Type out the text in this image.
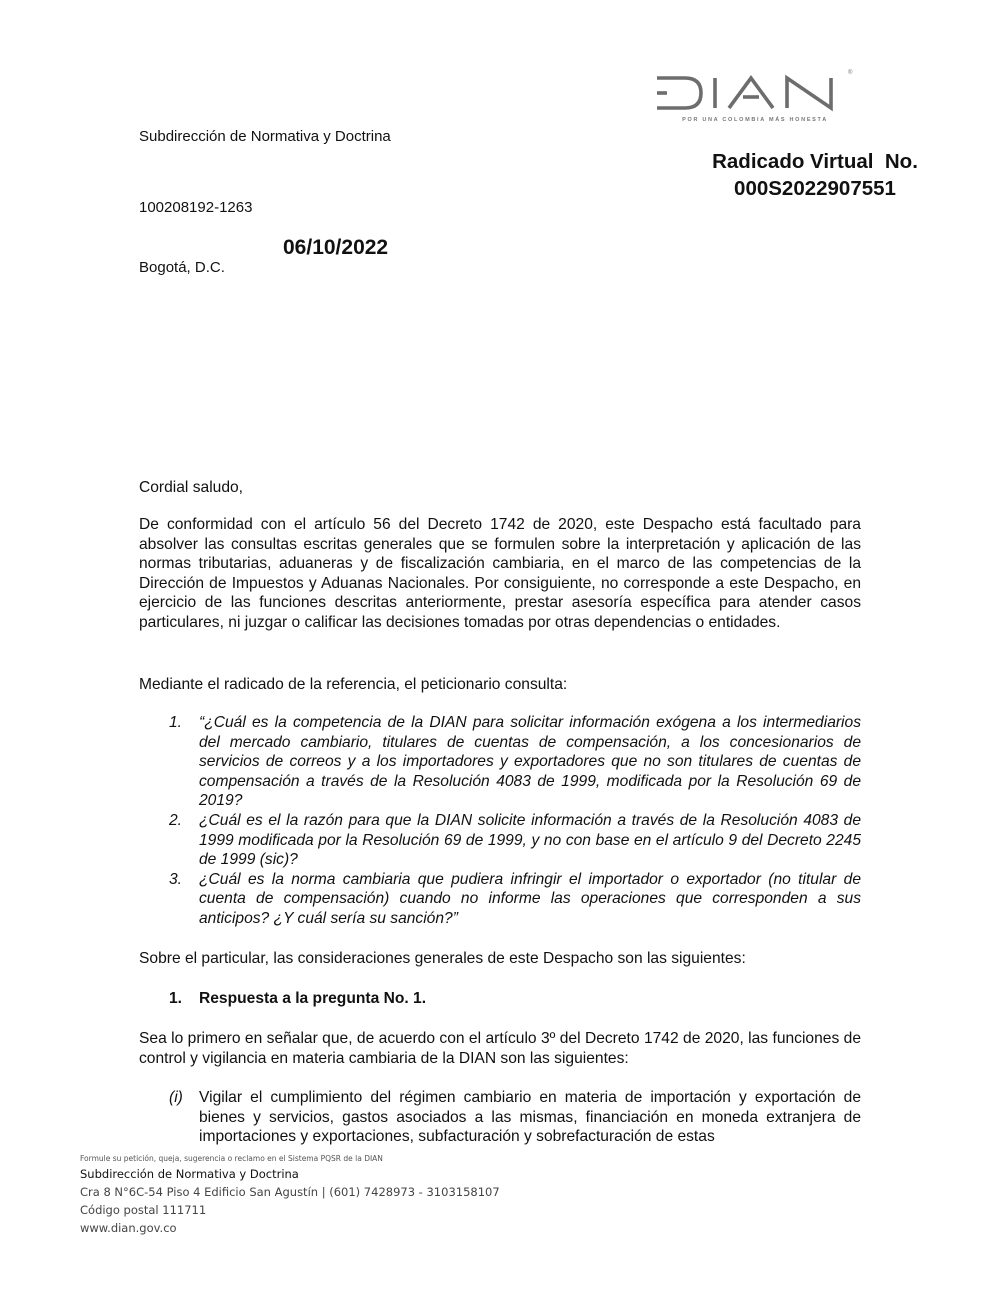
®
POR UNA COLOMBIA MÁS HONESTA
Subdirección de Normativa y Doctrina
Radicado Virtual  No.
000S2022907551
100208192-1263
06/10/2022
Bogotá, D.C.
Cordial saludo,
De conformidad con el artículo 56 del Decreto 1742 de 2020, este Despacho está facultado para absolver las consultas escritas generales que se formulen sobre la interpretación y aplicación de las normas tributarias, aduaneras y de fiscalización cambiaria, en el marco de las competencias de la Dirección de Impuestos y Aduanas Nacionales. Por consiguiente, no corresponde a este Despacho, en ejercicio de las funciones descritas anteriormente, prestar asesoría específica para atender casos particulares, ni juzgar o calificar las decisiones tomadas por otras dependencias o entidades.
Mediante el radicado de la referencia, el peticionario consulta:
1. “¿Cuál es la competencia de la DIAN para solicitar información exógena a los intermediarios del mercado cambiario, titulares de cuentas de compensación, a los concesionarios de servicios de correos y a los importadores y exportadores que no son titulares de cuentas de compensación a través de la Resolución 4083 de 1999, modificada por la Resolución 69 de 2019?
2. ¿Cuál es el la razón para que la DIAN solicite información a través de la Resolución 4083 de 1999 modificada por la Resolución 69 de 1999, y no con base en el artículo 9 del Decreto 2245 de 1999 (sic)?
3. ¿Cuál es la norma cambiaria que pudiera infringir el importador o exportador (no titular de cuenta de compensación) cuando no informe las operaciones que corresponden a sus anticipos? ¿Y cuál sería su sanción?”
Sobre el particular, las consideraciones generales de este Despacho son las siguientes:
1. Respuesta a la pregunta No. 1.
Sea lo primero en señalar que, de acuerdo con el artículo 3º del Decreto 1742 de 2020, las funciones de control y vigilancia en materia cambiaria de la DIAN son las siguientes:
(i) Vigilar el cumplimiento del régimen cambiario en materia de importación y exportación de bienes y servicios, gastos asociados a las mismas, financiación en moneda extranjera de importaciones y exportaciones, subfacturación y sobrefacturación de estas
Formule su petición, queja, sugerencia o reclamo en el Sistema PQSR de la DIAN
Subdirección de Normativa y Doctrina
Cra 8 N°6C-54 Piso 4 Edificio San Agustín | (601) 7428973 - 3103158107
Código postal 111711
www.dian.gov.co
